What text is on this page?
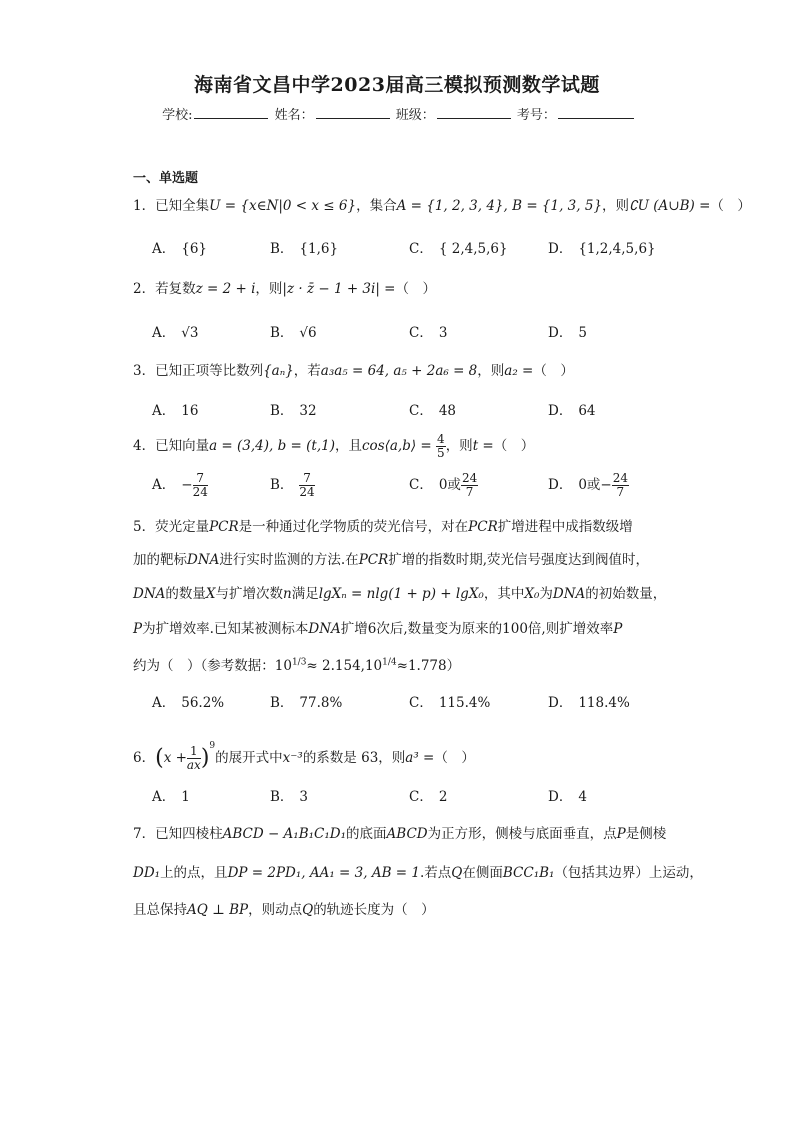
海南省文昌中学2023届高三模拟预测数学试题
学校:	姓名：	班级：	考号：
一、单选题
1．已知全集U = {x∈N|0 < x ≤ 6}，集合A = {1, 2, 3, 4}, B = {1, 3, 5}，则∁U (A∪B) =（　）
A． {6}	B． {1,6}	C． { 2,4,5,6}	D． {1,2,4,5,6}
2．若复数z = 2 + i，则|z · z̄ − 1 + 3i| =（　）
A． √3	B． √6	C． 3	D． 5
3．已知正项等比数列{aₙ}，若a₃a₅ = 64, a₅ + 2a₆ = 8，则a₂ =（　）
A． 16	B． 32	C． 48	D． 64
4．已知向量a = (3,4), b = (t,1)，且cos⟨a,b⟩ = $\frac{4}{5}$ ，则t =（　）
A． − $\frac{7}{24}$	B． $\frac{7}{24}$	C． 0或 $\frac{24}{7}$	D． 0或− $\frac{24}{7}$
5．荧光定量PCR是一种通过化学物质的荧光信号，对在PCR扩增进程中成指数级增
加的靶标DNA进行实时监测的方法.在PCR扩增的指数时期,荧光信号强度达到阀值时，
DNA的数量X与扩增次数n满足lgXₙ = nlg(1 + p) + lgX₀，其中X₀为DNA的初始数量，
P为扩增效率.已知某被测标本DNA扩增6次后,数量变为原来的100倍,则扩增效率P
约为（　）（参考数据：$10^{1/3}\approx 2.154,10^{1/4}\approx 1.778$）
A． 56.2%	B． 77.8%	C． 115.4%	D． 118.4%
6．$(x + \frac{1}{ax} )^9$的展开式中x⁻³的系数是 63，则a³ =（　）
A． 1	B． 3	C． 2	D． 4
7．已知四棱柱ABCD − A₁B₁C₁D₁的底面ABCD为正方形，侧棱与底面垂直，点P是侧棱
DD₁上的点，且DP = 2PD₁, AA₁ = 3, AB = 1.若点Q在侧面BCC₁B₁（包括其边界）上运动，
且总保持AQ ⊥ BP，则动点Q的轨迹长度为（　）
